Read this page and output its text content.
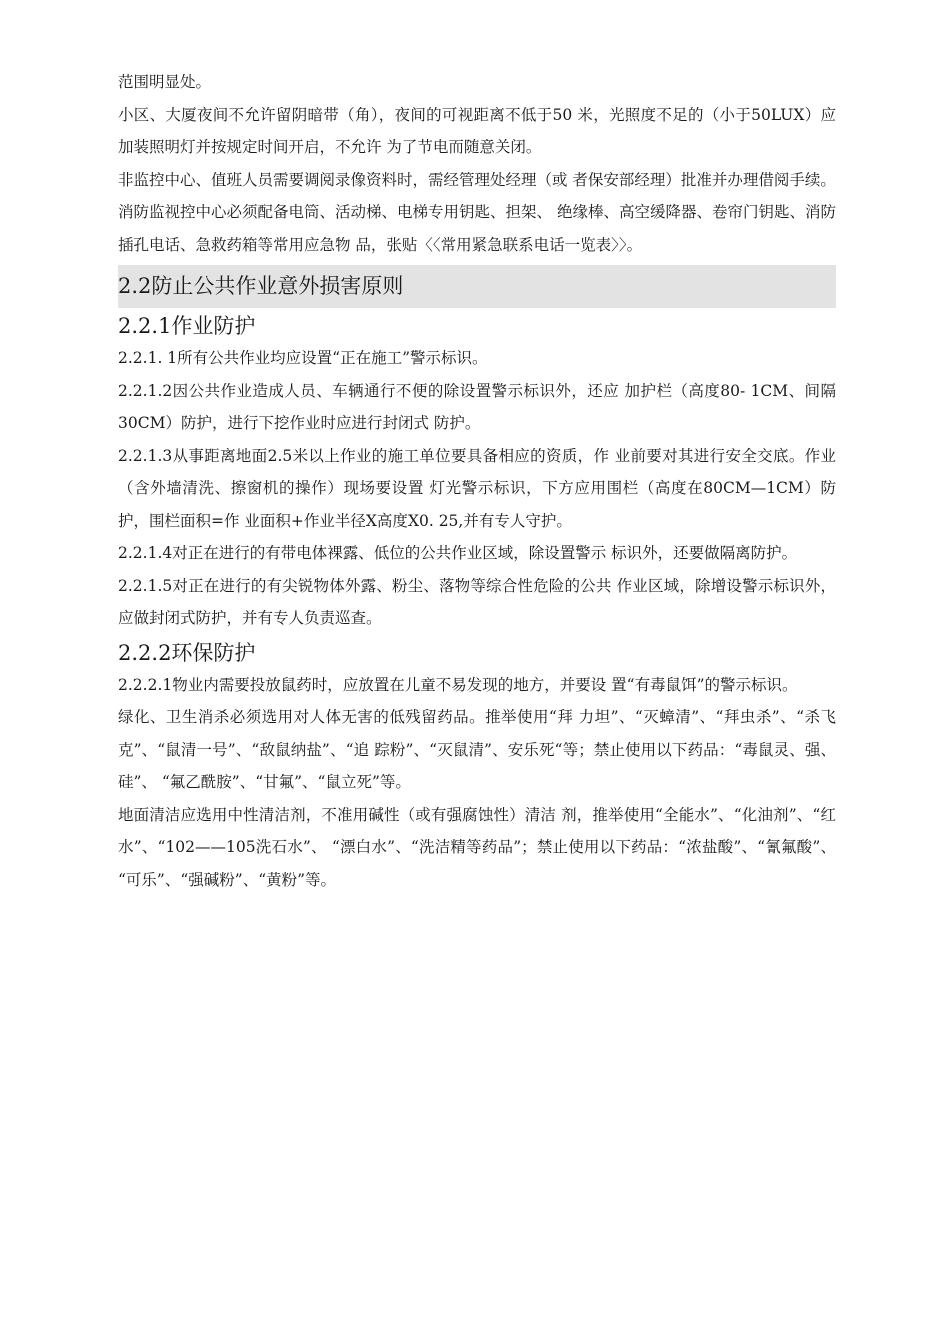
范围明显处。

小区、大厦夜间不允许留阴暗带（角），夜间的可视距离不低于50 米，光照度不足的（小于50LUX）应加装照明灯并按规定时间开启，不允许 为了节电而随意关闭。

非监控中心、值班人员需要调阅录像资料时，需经管理处经理（或 者保安部经理）批准并办理借阅手续。

消防监视控中心必须配备电筒、活动梯、电梯专用钥匙、担架、 绝缘棒、高空缓降器、卷帘门钥匙、消防插孔电话、急救药箱等常用应急物 品，张贴〈〈常用紧急联系电话一览表〉〉。

2.2防止公共作业意外损害原则
2.2.1作业防护

2.2.1. 1所有公共作业均应设置“正在施工”警示标识。

2.2.1.2因公共作业造成人员、车辆通行不便的除设置警示标识外，还应 加护栏（高度80- 1CM、间隔30CM）防护，进行下挖作业时应进行封闭式 防护。

2.2.1.3从事距离地面2.5米以上作业的施工单位要具备相应的资质，作 业前要对其进行安全交底。作业（含外墙清洗、擦窗机的操作）现场要设置 灯光警示标识，下方应用围栏（高度在80CM—1CM）防护，围栏面积=作 业面积+作业半径X高度X0. 25,并有专人守护。

2.2.1.4对正在进行的有带电体裸露、低位的公共作业区域，除设置警示 标识外，还要做隔离防护。

2.2.1.5对正在进行的有尖锐物体外露、粉尘、落物等综合性危险的公共 作业区域，除增设警示标识外，应做封闭式防护，并有专人负责巡查。

2.2.2环保防护

2.2.2.1物业内需要投放鼠药时，应放置在儿童不易发现的地方，并要设 置“有毒鼠饵”的警示标识。

绿化、卫生消杀必须选用对人体无害的低残留药品。推举使用“拜 力坦”、“灭蟑清”、“拜虫杀”、“杀飞克”、“鼠清一号”、“敌鼠纳盐”、“追 踪粉”、“灭鼠清”、安乐死“等；禁止使用以下药品：“毒鼠灵、强、硅”、 “氟乙酰胺”、“甘氟”、“鼠立死”等。

地面清洁应选用中性清洁剂，不准用碱性（或有强腐蚀性）清洁 剂，推举使用“全能水”、“化油剂”、“红水”、“102——105洗石水”、 “漂白水”、“洗洁精等药品”；禁止使用以下药品：“浓盐酸”、“氰氟酸”、 “可乐”、“强碱粉”、“黄粉”等。
